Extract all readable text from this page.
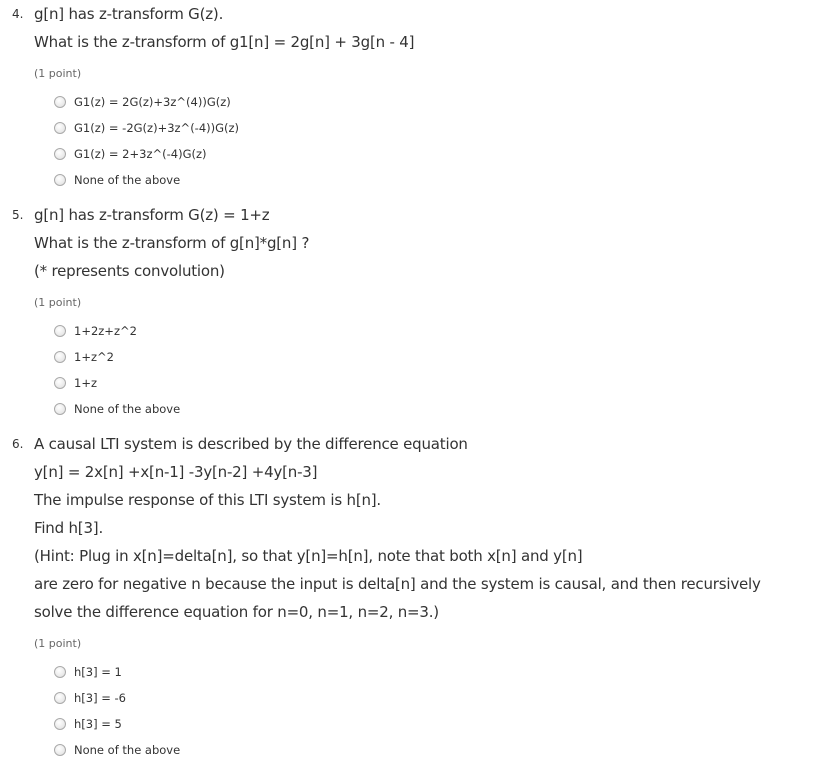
4. g[n] has z-transform G(z).
What is the z-transform of g1[n] = 2g[n] + 3g[n - 4]
(1 point)
G1(z) = 2G(z)+3z^(4))G(z)
G1(z) = -2G(z)+3z^(-4))G(z)
G1(z) = 2+3z^(-4)G(z)
None of the above
5. g[n] has z-transform G(z) = 1+z
What is the z-transform of g[n]*g[n] ?
(* represents convolution)
(1 point)
1+2z+z^2
1+z^2
1+z
None of the above
6. A causal LTI system is described by the difference equation
y[n] = 2x[n] +x[n-1] -3y[n-2] +4y[n-3]
The impulse response of this LTI system is h[n].
Find h[3].
(Hint: Plug in x[n]=delta[n], so that y[n]=h[n], note that both x[n] and y[n]
are zero for negative n because the input is delta[n] and the system is causal, and then recursively
solve the difference equation for n=0, n=1, n=2, n=3.)
(1 point)
h[3] = 1
h[3] = -6
h[3] = 5
None of the above
